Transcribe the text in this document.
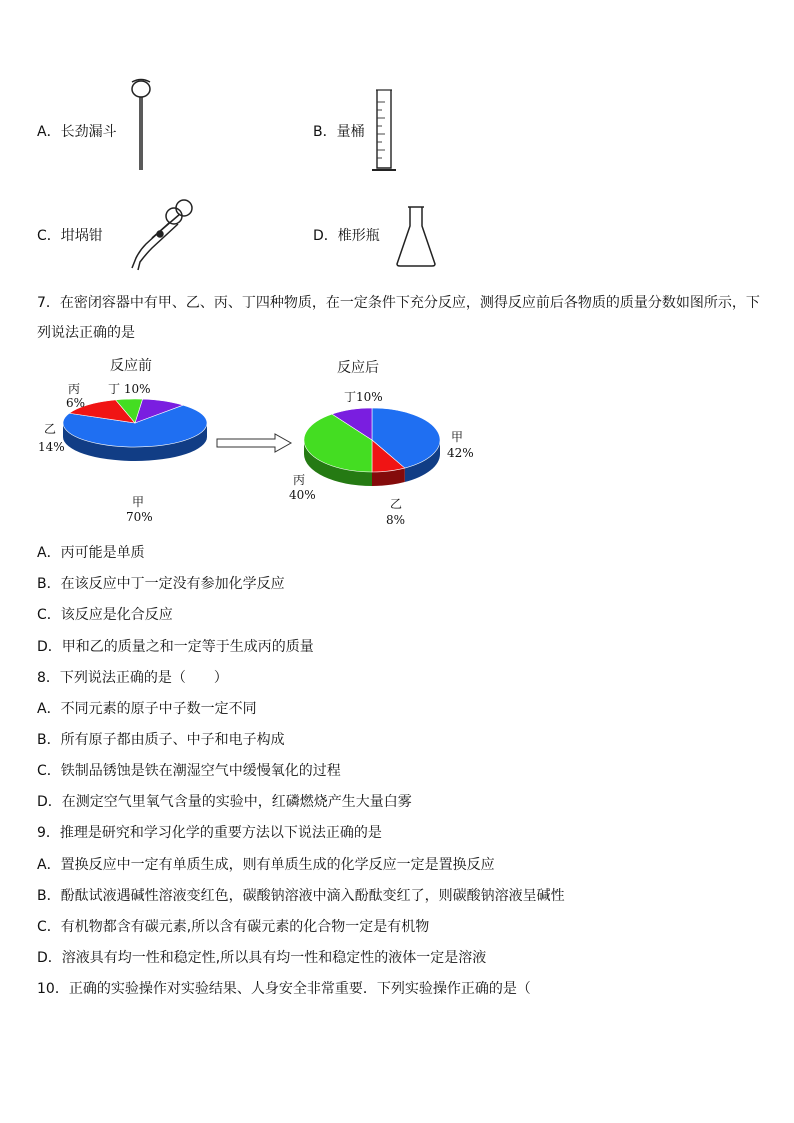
A．长劲漏斗	B．量桶
C．坩埚钳	D．椎形瓶
7．在密闭容器中有甲、乙、丙、丁四种物质，在一定条件下充分反应，测得反应前后各物质的质量分数如图所示，下
列说法正确的是
反应前
丁 10%
丙
6%
乙
14%
甲
70%
反应后
丁10%
甲
42%
丙
40%
乙
8%
A．丙可能是单质
B．在该反应中丁一定没有参加化学反应
C．该反应是化合反应
D．甲和乙的质量之和一定等于生成丙的质量
8．下列说法正确的是（　　）
A．不同元素的原子中子数一定不同
B．所有原子都由质子、中子和电子构成
C．铁制品锈蚀是铁在潮湿空气中缓慢氧化的过程
D．在测定空气里氧气含量的实验中，红磷燃烧产生大量白雾
9．推理是研究和学习化学的重要方法以下说法正确的是
A．置换反应中一定有单质生成，则有单质生成的化学反应一定是置换反应
B．酚酞试液遇碱性溶液变红色，碳酸钠溶液中滴入酚酞变红了，则碳酸钠溶液呈碱性
C．有机物都含有碳元素,所以含有碳元素的化合物一定是有机物
D．溶液具有均一性和稳定性,所以具有均一性和稳定性的液体一定是溶液
10．正确的实验操作对实验结果、人身安全非常重要．下列实验操作正确的是（
